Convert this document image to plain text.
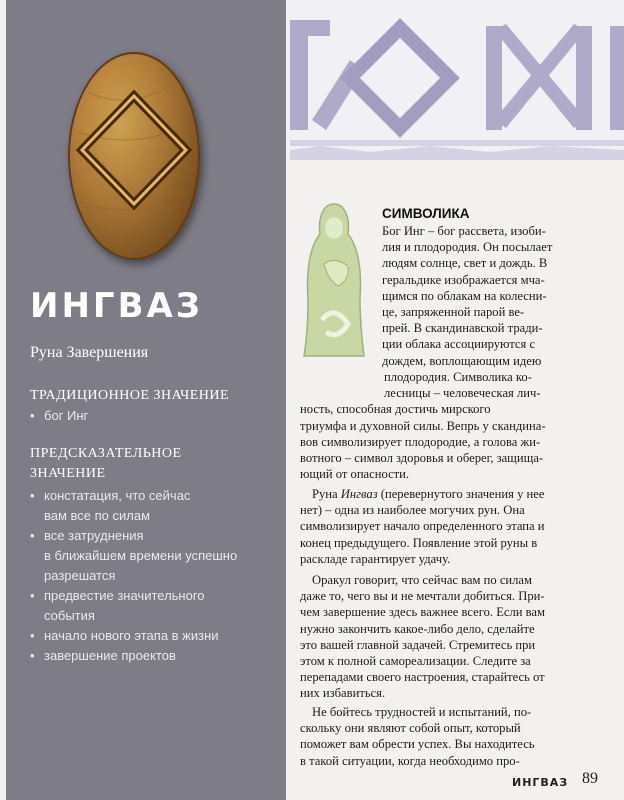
ИНГВАЗ
Руна Завершения
ТРАДИЦИОННОЕ ЗНАЧЕНИЕ
• бог Инг
ПРЕДСКАЗАТЕЛЬНОЕ
ЗНАЧЕНИЕ
• констатация, что сейчас
вам все по силам
• все затруднения
в ближайшем времени успешно
разрешатся
• предвестие значительного
события
• начало нового этапа в жизни
• завершение проектов
СИМВОЛИКА
Бог Инг – бог рассвета, изоби-
лия и плодородия. Он посылает
людям солнце, свет и дождь. В
геральдике изображается мча-
щимся по облакам на колесни-
це, запряженной парой ве-
прей. В скандинавской тради-
ции облака ассоциируются с
дождем, воплощающим идею
плодородия. Символика ко-
лесницы – человеческая лич-
ность, способная достичь мирского
триумфа и духовной силы. Вепрь у скандина-
вов символизирует плодородие, а голова жи-
вотного – символ здоровья и оберег, защища-
ющий от опасности.
Руна Ингваз (перевернутого значения у нее
нет) – одна из наиболее могучих рун. Она
символизирует начало определенного этапа и
конец предыдущего. Появление этой руны в
раскладе гарантирует удачу.
Оракул говорит, что сейчас вам по силам
даже то, чего вы и не мечтали добиться. При-
чем завершение здесь важнее всего. Если вам
нужно закончить какое-либо дело, сделайте
это вашей главной задачей. Стремитесь при
этом к полной самореализации. Следите за
перепадами своего настроения, старайтесь от
них избавиться.
Не бойтесь трудностей и испытаний, по-
скольку они являют собой опыт, который
поможет вам обрести успех. Вы находитесь
в такой ситуации, когда необходимо про-
ИНГВАЗ 89
